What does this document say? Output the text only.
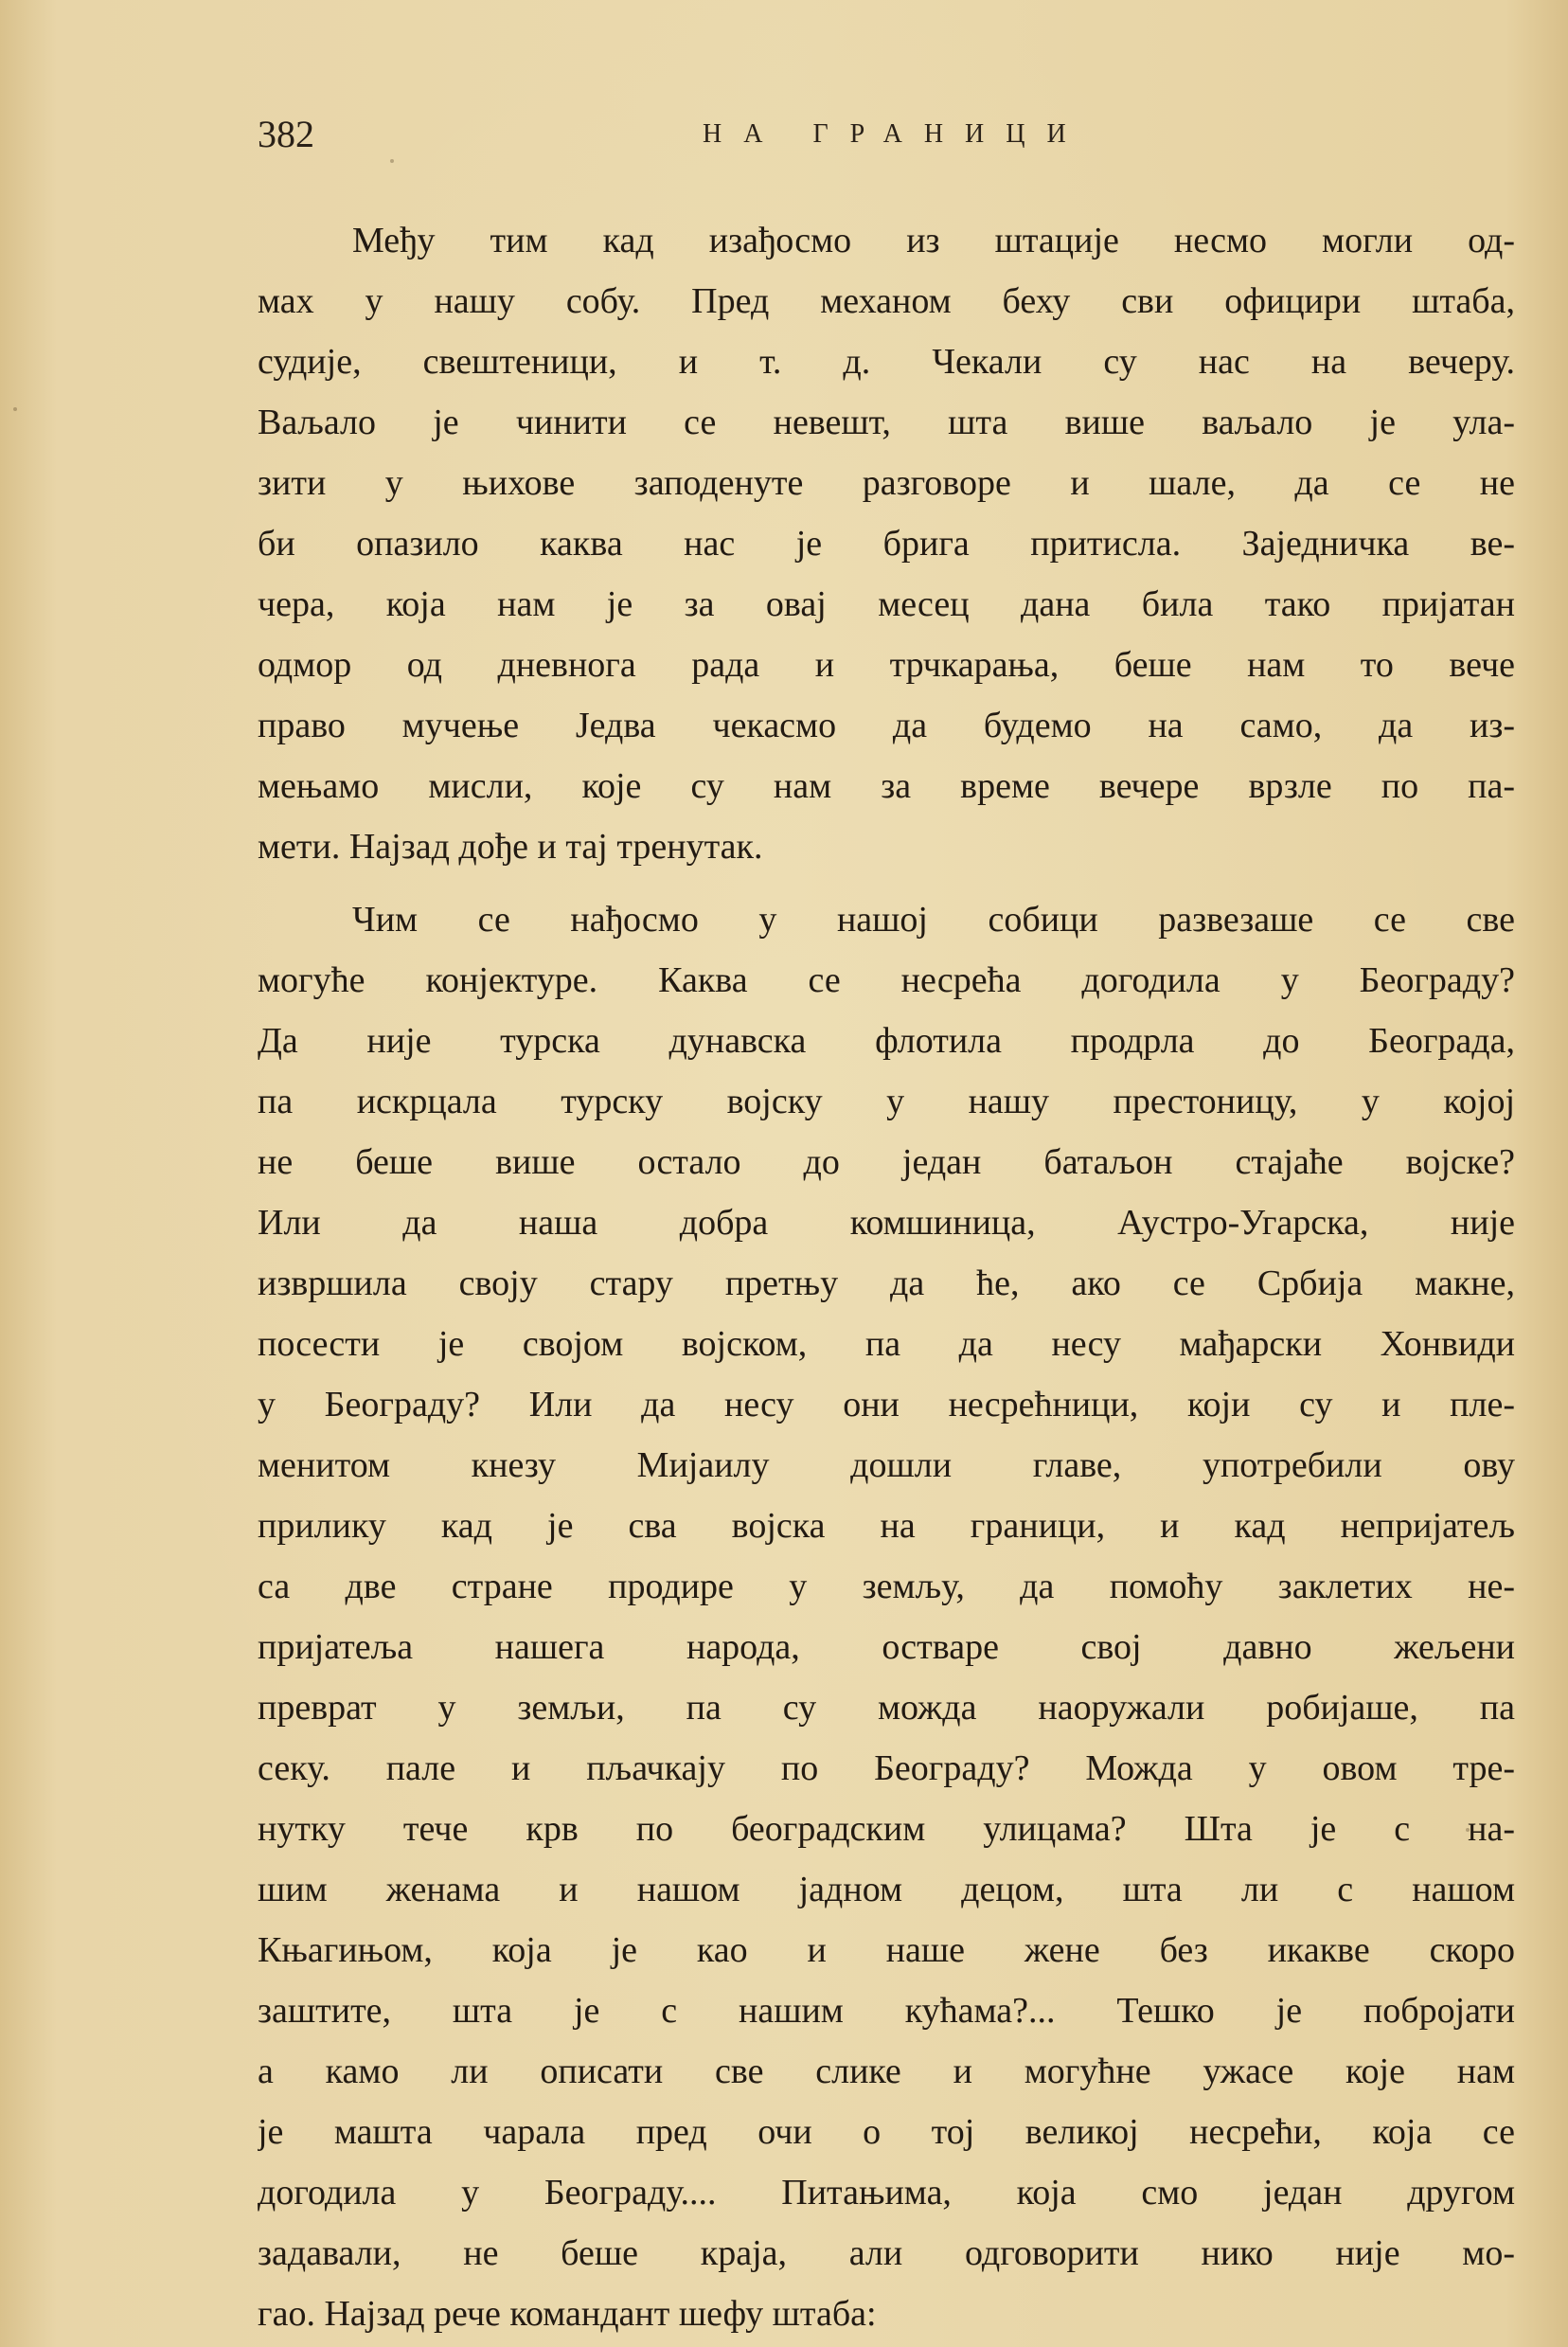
382	НА ГРАНИЦИ
Међу тим кад изађосмо из штације несмо могли од-
мах у нашу собу. Пред механом беху сви официри штаба,
судије, свештеници, и т. д. Чекали су нас на вечеру.
Ваљало је чинити се невешт, шта више ваљало је ула-
зити у њихове заподенуте разговоре и шале, да се не
би опазило каква нас је брига притисла. Заједничка ве-
чера, која нам је за овај месец дана била тако пријатан
одмор од дневнога рада и трчкарања, беше нам то вече
право мучење Једва чекасмо да будемо на само, да из-
мењамо мисли, које су нам за време вечере врзле по па-
мети. Најзад дође и тај тренутак.
Чим се нађосмо у нашој собици развезаше се све
могуће конјектуре. Каква се несрећа догодила у Београду?
Да није турска дунавска флотила продрла до Београда,
па искрцала турску војску у нашу престоницу, у којој
не беше више остало до један батаљон стајаће војске?
Или да наша добра комшиница, Аустро-Угарска, није
извршила своју стару претњу да ће, ако се Србија макне,
посести је својом војском, па да несу мађарски Хонвиди
у Београду? Или да несу они несрећници, који су и пле-
менитом кнезу Мијаилу дошли главе, употребили ову
прилику кад је сва војска на граници, и кад непријатељ
са две стране продире у земљу, да помоћу заклетих не-
пријатеља нашега народа, остваре свој давно жељени
преврат у земљи, па су можда наоружали робијаше, па
секу. пале и пљачкају по Београду? Можда у овом тре-
нутку тече крв по београдским улицама? Шта је с на-
шим женама и нашом јадном децом, шта ли с нашом
Књагињом, која је као и наше жене без икакве скоро
заштите, шта је с нашим кућама?... Тешко је побројати
а камо ли описати све слике и могућне ужасе које нам
је машта чарала пред очи о тој великој несрећи, која се
догодила у Београду.... Питањима, која смо један другом
задавали, не беше краја, али одговорити нико није мо-
гао. Најзад рече командант шефу штаба:
